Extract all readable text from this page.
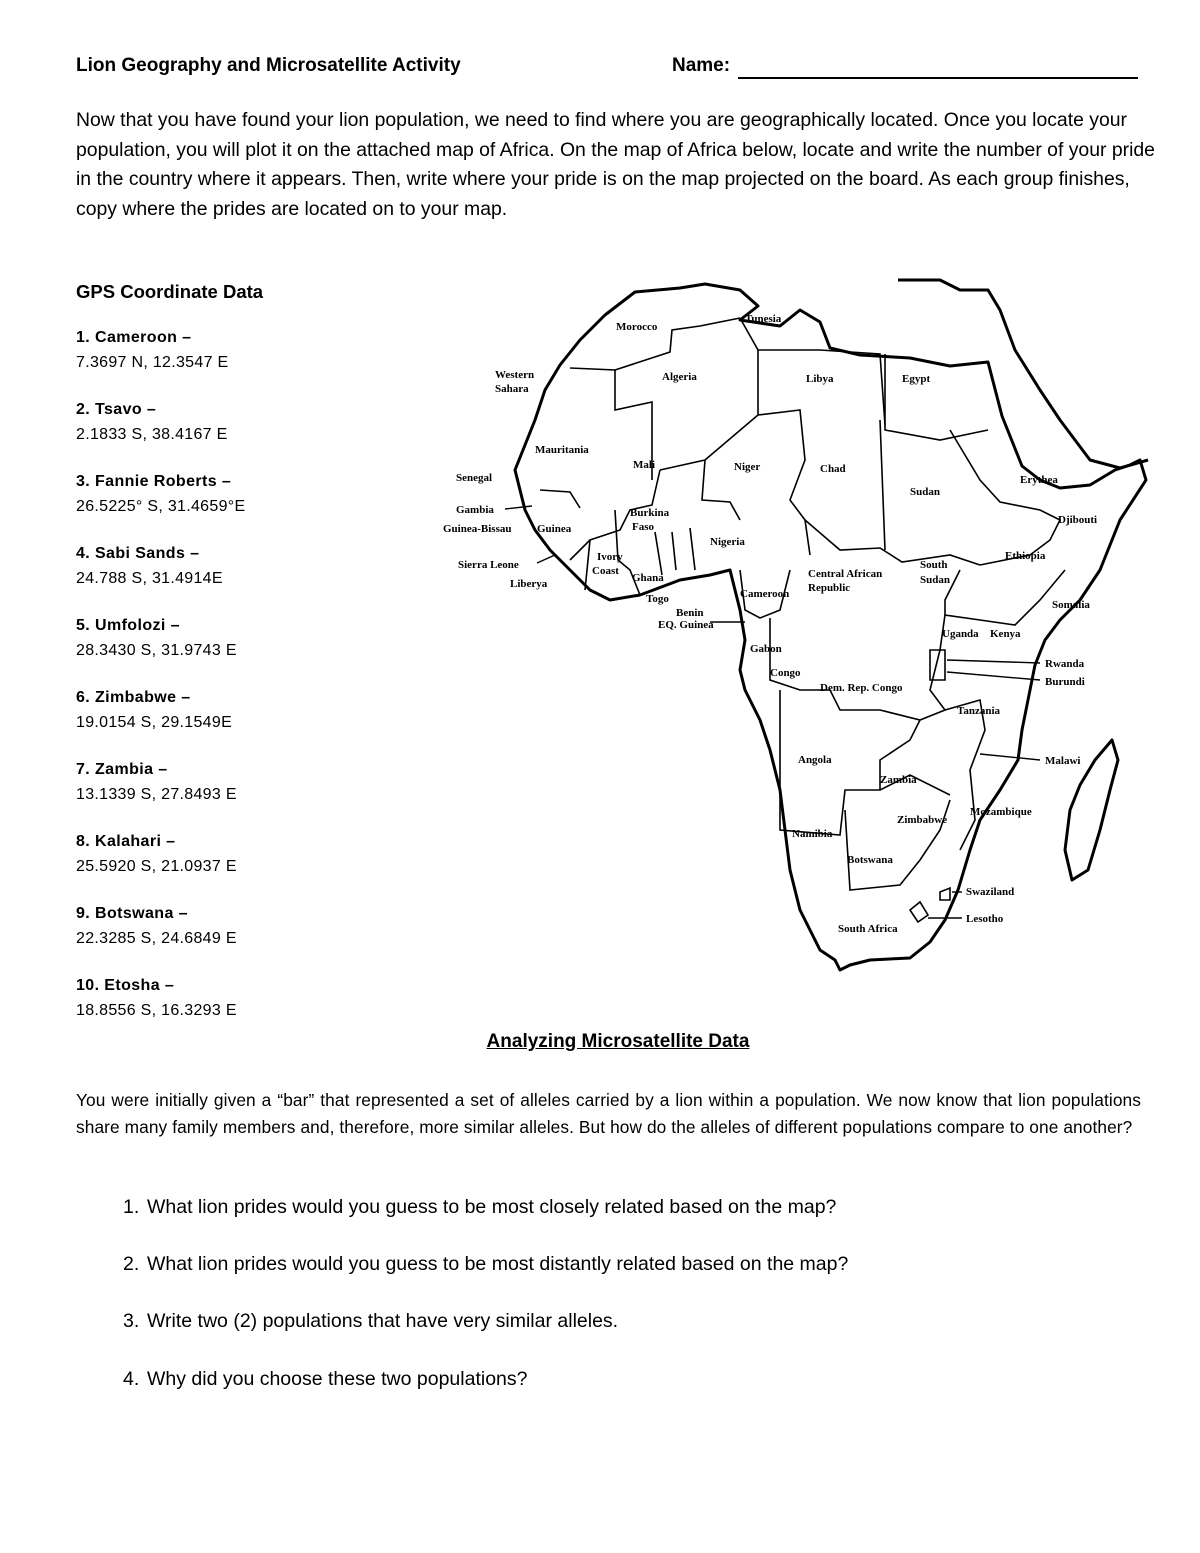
Lion Geography and Microsatellite Activity	Name:
Now that you have found your lion population, we need to find where you are geographically located. Once you locate your population, you will plot it on the attached map of Africa. On the map of Africa below, locate and write the number of your pride in the country where it appears. Then, write where your pride is on the map projected on the board. As each group finishes, copy where the prides are located on to your map.
GPS Coordinate Data
1. Cameroon –
7.3697 N, 12.3547 E
2. Tsavo –
2.1833 S, 38.4167 E
3. Fannie Roberts –
26.5225° S, 31.4659°E
4. Sabi Sands –
24.788 S, 31.4914E
5. Umfolozi –
28.3430 S, 31.9743 E
6. Zimbabwe –
19.0154 S, 29.1549E
7. Zambia –
13.1339 S, 27.8493 E
8. Kalahari –
25.5920 S, 21.0937 E
9. Botswana –
22.3285 S, 24.6849 E
10. Etosha –
18.8556 S, 16.3293 E
Morocco
Tunesia
Western
Sahara
Algeria	Libya	Egypt
Mauritania
Mali	Niger	Chad
Sudan
Senegal
Gambia
Guinea-Bissau Guinea
Burkina
Faso
Nigeria
Erythea
Djibouti
Ethiopia
Sierra Leone
Ivory
Coast
Liberya	Ghana
Togo
Benin
Central African
Republic
South
Sudan
Cameroon
EQ. Guinea
Somalia
Uganda Kenya
Gabon
Congo
Rwanda
Burundi
Dem. Rep. Congo
Tanzania
Angola	Malawi
Zambia
Mozambique
Zimbabwe
Namibia
Botswana
Swaziland
Lesotho
South Africa
Analyzing Microsatellite Data
You were initially given a “bar” that represented a set of alleles carried by a lion within a population. We now know that lion populations share many family members and, therefore, more similar alleles. But how do the alleles of different populations compare to one another?
1. What lion prides would you guess to be most closely related based on the map?
2. What lion prides would you guess to be most distantly related based on the map?
3. Write two (2) populations that have very similar alleles.
4. Why did you choose these two populations?
